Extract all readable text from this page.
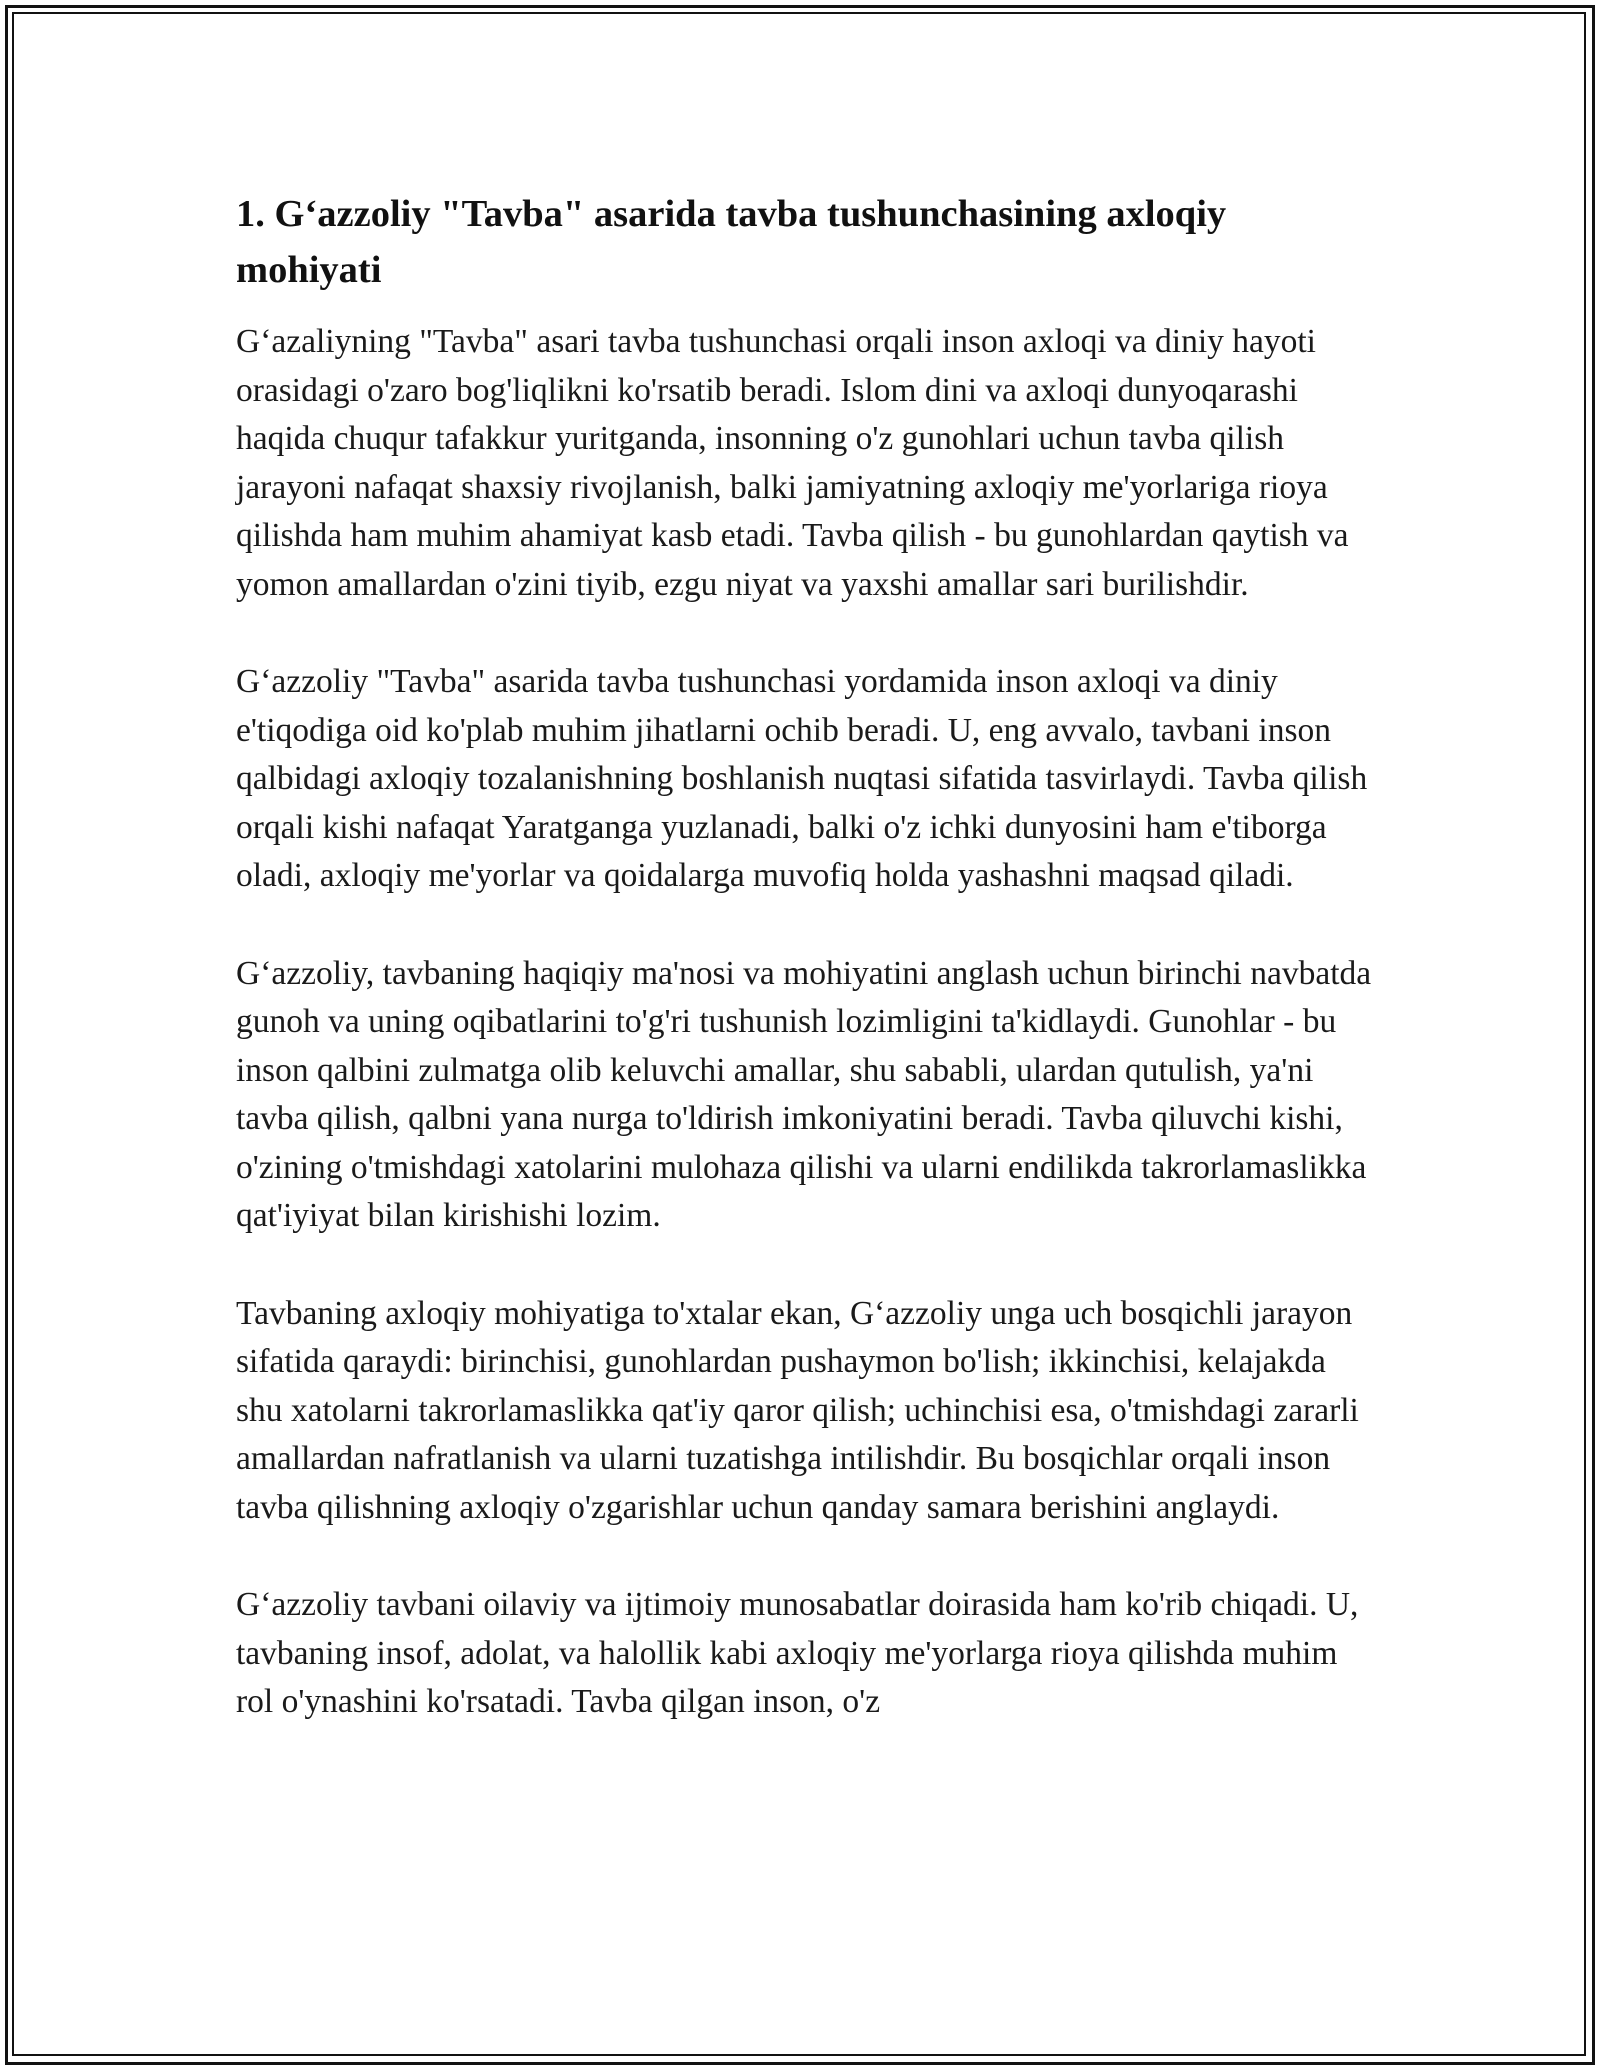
1. G‘azzoliy "Tavba" asarida tavba tushunchasining axloqiy mohiyati

G‘azaliyning "Tavba" asari tavba tushunchasi orqali inson axloqi va diniy hayoti orasidagi o'zaro bog'liqlikni ko'rsatib beradi. Islom dini va axloqi dunyoqarashi haqida chuqur tafakkur yuritganda, insonning o'z gunohlari uchun tavba qilish jarayoni nafaqat shaxsiy rivojlanish, balki jamiyatning axloqiy me'yorlariga rioya qilishda ham muhim ahamiyat kasb etadi. Tavba qilish - bu gunohlardan qaytish va yomon amallardan o'zini tiyib, ezgu niyat va yaxshi amallar sari burilishdir.

G‘azzoliy "Tavba" asarida tavba tushunchasi yordamida inson axloqi va diniy e'tiqodiga oid ko'plab muhim jihatlarni ochib beradi. U, eng avvalo, tavbani inson qalbidagi axloqiy tozalanishning boshlanish nuqtasi sifatida tasvirlaydi. Tavba qilish orqali kishi nafaqat Yaratganga yuzlanadi, balki o'z ichki dunyosini ham e'tiborga oladi, axloqiy me'yorlar va qoidalarga muvofiq holda yashashni maqsad qiladi.

G‘azzoliy, tavbaning haqiqiy ma'nosi va mohiyatini anglash uchun birinchi navbatda gunoh va uning oqibatlarini to'g'ri tushunish lozimligini ta'kidlaydi. Gunohlar - bu inson qalbini zulmatga olib keluvchi amallar, shu sababli, ulardan qutulish, ya'ni tavba qilish, qalbni yana nurga to'ldirish imkoniyatini beradi. Tavba qiluvchi kishi, o'zining o'tmishdagi xatolarini mulohaza qilishi va ularni endilikda takrorlamaslikka qat'iyiyat bilan kirishishi lozim.

Tavbaning axloqiy mohiyatiga to'xtalar ekan, G‘azzoliy unga uch bosqichli jarayon sifatida qaraydi: birinchisi, gunohlardan pushaymon bo'lish; ikkinchisi, kelajakda shu xatolarni takrorlamaslikka qat'iy qaror qilish; uchinchisi esa, o'tmishdagi zararli amallardan nafratlanish va ularni tuzatishga intilishdir. Bu bosqichlar orqali inson tavba qilishning axloqiy o'zgarishlar uchun qanday samara berishini anglaydi.

G‘azzoliy tavbani oilaviy va ijtimoiy munosabatlar doirasida ham ko'rib chiqadi. U, tavbaning insof, adolat, va halollik kabi axloqiy me'yorlarga rioya qilishda muhim rol o'ynashini ko'rsatadi. Tavba qilgan inson, o'z
